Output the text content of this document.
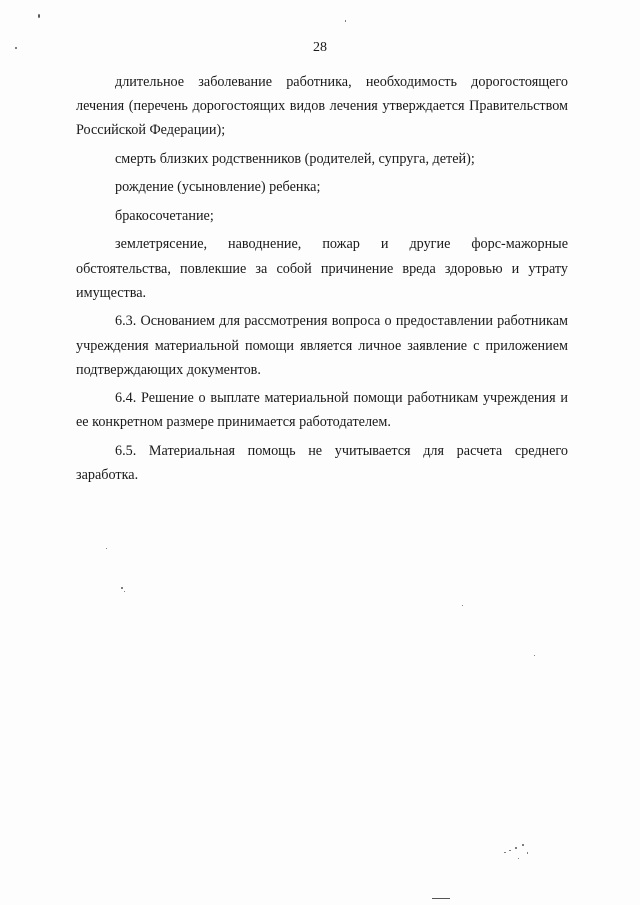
28

длительное заболевание работника, необходимость дорогостоящего лечения (перечень дорогостоящих видов лечения утверждается Правительством Российской Федерации);

смерть близких родственников (родителей, супруга, детей);

рождение (усыновление) ребенка;

бракосочетание;

землетрясение, наводнение, пожар и другие форс-мажорные обстоятельства, повлекшие за собой причинение вреда здоровью и утрату имущества.

6.3. Основанием для рассмотрения вопроса о предоставлении работникам учреждения материальной помощи является личное заявление с приложением подтверждающих документов.

6.4. Решение о выплате материальной помощи работникам учреждения и ее конкретном размере принимается работодателем.

6.5. Материальная помощь не учитывается для расчета среднего заработка.
